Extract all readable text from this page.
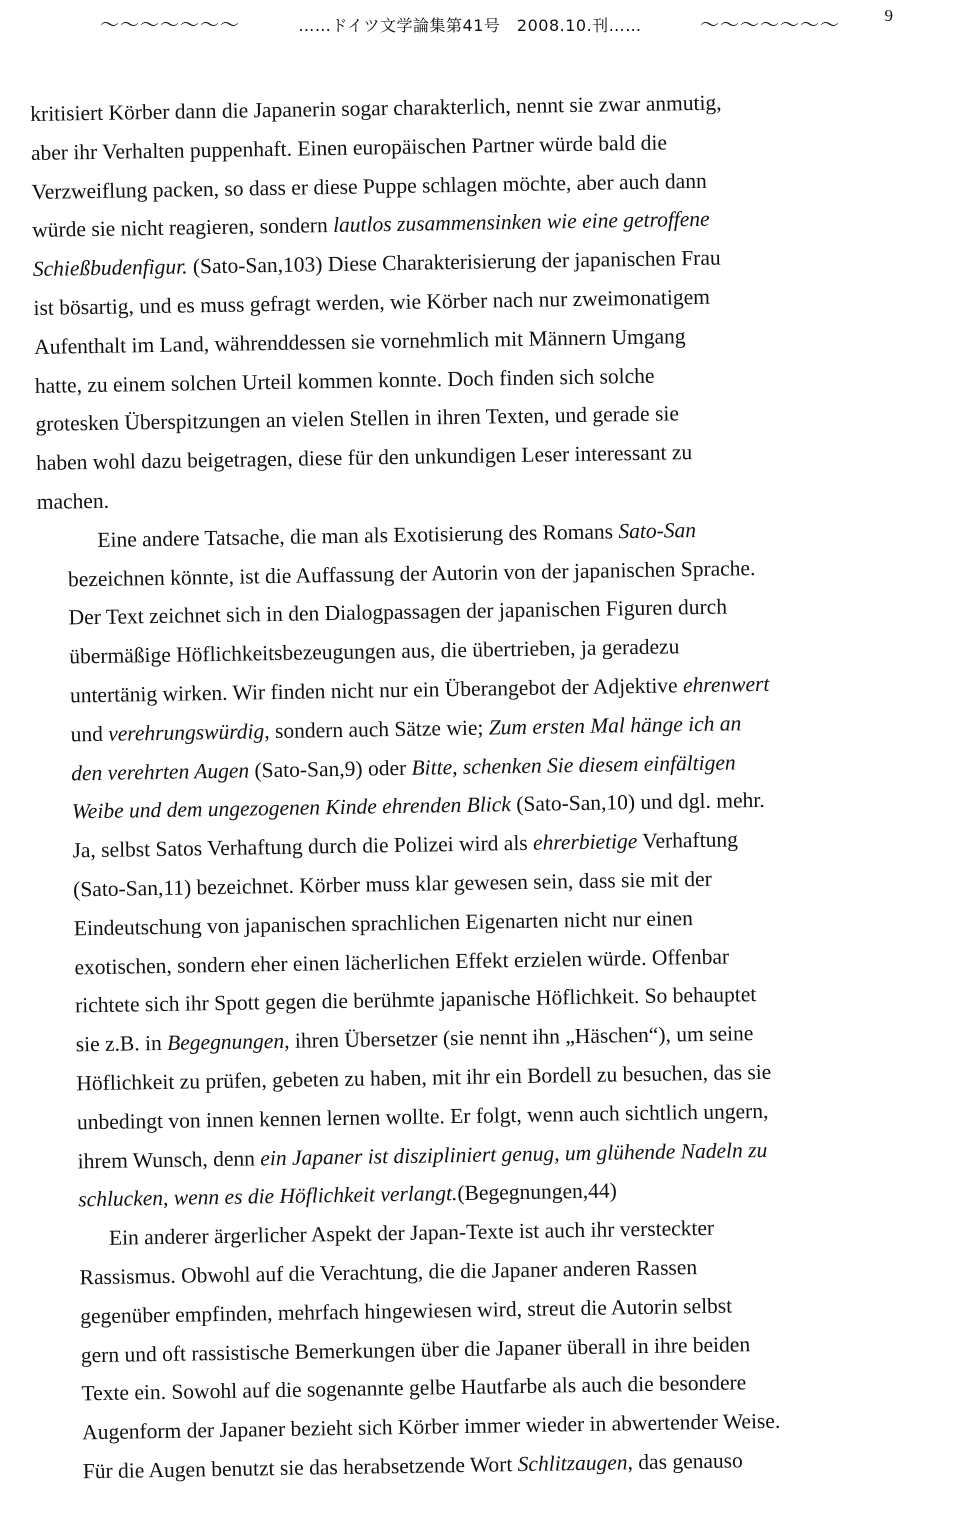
〜〜〜〜〜〜〜	……ドイツ文学論集第41号　2008.10.刊……	〜〜〜〜〜〜〜	9
kritisiert Körber dann die Japanerin sogar charakterlich, nennt sie zwar anmutig,
aber ihr Verhalten puppenhaft. Einen europäischen Partner würde bald die
Verzweiflung packen, so dass er diese Puppe schlagen möchte, aber auch dann
würde sie nicht reagieren, sondern lautlos zusammensinken wie eine getroffene
Schießbudenfigur. (Sato-San,103) Diese Charakterisierung der japanischen Frau
ist bösartig, und es muss gefragt werden, wie Körber nach nur zweimonatigem
Aufenthalt im Land, währenddessen sie vornehmlich mit Männern Umgang
hatte, zu einem solchen Urteil kommen konnte. Doch finden sich solche
grotesken Überspitzungen an vielen Stellen in ihren Texten, und gerade sie
haben wohl dazu beigetragen, diese für den unkundigen Leser interessant zu
machen.
Eine andere Tatsache, die man als Exotisierung des Romans Sato-San
bezeichnen könnte, ist die Auffassung der Autorin von der japanischen Sprache.
Der Text zeichnet sich in den Dialogpassagen der japanischen Figuren durch
übermäßige Höflichkeitsbezeugungen aus, die übertrieben, ja geradezu
untertänig wirken. Wir finden nicht nur ein Überangebot der Adjektive ehrenwert
und verehrungswürdig, sondern auch Sätze wie; Zum ersten Mal hänge ich an
den verehrten Augen (Sato-San,9) oder Bitte, schenken Sie diesem einfältigen
Weibe und dem ungezogenen Kinde ehrenden Blick (Sato-San,10) und dgl. mehr.
Ja, selbst Satos Verhaftung durch die Polizei wird als ehrerbietige Verhaftung
(Sato-San,11) bezeichnet. Körber muss klar gewesen sein, dass sie mit der
Eindeutschung von japanischen sprachlichen Eigenarten nicht nur einen
exotischen, sondern eher einen lächerlichen Effekt erzielen würde. Offenbar
richtete sich ihr Spott gegen die berühmte japanische Höflichkeit. So behauptet
sie z.B. in Begegnungen, ihren Übersetzer (sie nennt ihn „Häschen“), um seine
Höflichkeit zu prüfen, gebeten zu haben, mit ihr ein Bordell zu besuchen, das sie
unbedingt von innen kennen lernen wollte. Er folgt, wenn auch sichtlich ungern,
ihrem Wunsch, denn ein Japaner ist diszipliniert genug, um glühende Nadeln zu
schlucken, wenn es die Höflichkeit verlangt.(Begegnungen,44)
Ein anderer ärgerlicher Aspekt der Japan-Texte ist auch ihr versteckter
Rassismus. Obwohl auf die Verachtung, die die Japaner anderen Rassen
gegenüber empfinden, mehrfach hingewiesen wird, streut die Autorin selbst
gern und oft rassistische Bemerkungen über die Japaner überall in ihre beiden
Texte ein. Sowohl auf die sogenannte gelbe Hautfarbe als auch die besondere
Augenform der Japaner bezieht sich Körber immer wieder in abwertender Weise.
Für die Augen benutzt sie das herabsetzende Wort Schlitzaugen, das genauso
